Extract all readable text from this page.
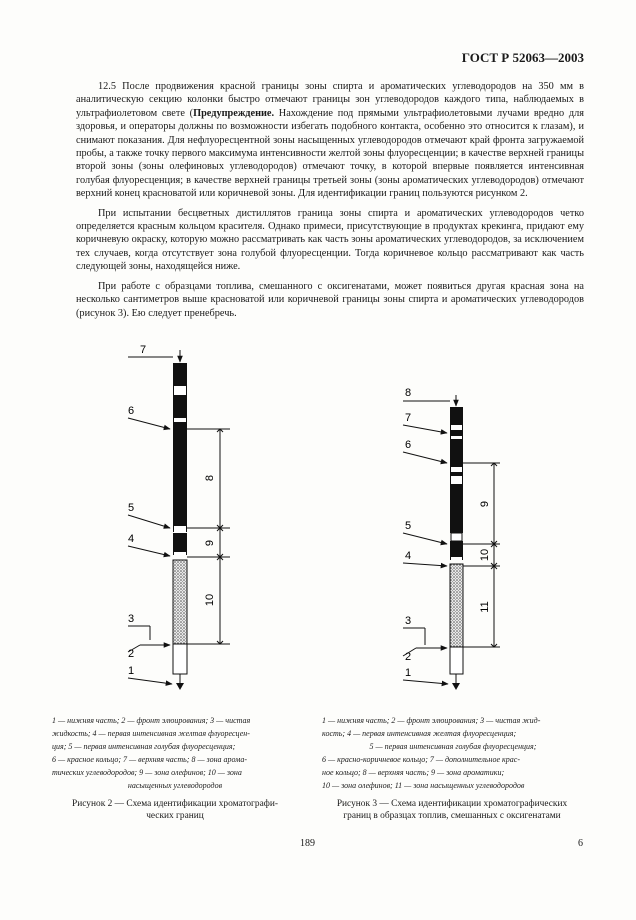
ГОСТ Р 52063—2003

12.5 После продвижения красной границы зоны спирта и ароматических углеводородов на 350 мм в аналитическую секцию колонки быстро отмечают границы зон углеводородов каждого типа, наблюдаемых в ультрафиолетовом свете (Предупреждение. Нахождение под прямыми ультрафиолетовыми лучами вредно для здоровья, и операторы должны по возможности избегать подобного контакта, особенно это относится к глазам), и снимают показания. Для нефлуоресцентной зоны насыщенных углеводородов отмечают край фронта загружаемой пробы, а также точку первого максимума интенсивности желтой зоны флуоресценции; в качестве верхней границы второй зоны (зоны олефиновых углеводородов) отмечают точку, в которой впервые появляется интенсивная голубая флуоресценция; в качестве верхней границы третьей зоны (зоны ароматических углеводородов) отмечают верхний конец красноватой или коричневой зоны. Для идентификации границ пользуются рисунком 2.

При испытании бесцветных дистиллятов граница зоны спирта и ароматических углеводородов четко определяется красным кольцом красителя. Однако примеси, присутствующие в продуктах крекинга, придают ему коричневую окраску, которую можно рассматривать как часть зоны ароматических углеводородов, за исключением тех случаев, когда отсутствует зона голубой флуоресценции. Тогда коричневое кольцо рассматривают как часть следующей зоны, находящейся ниже.

При работе с образцами топлива, смешанного с оксигенатами, может появиться другая красная зона на несколько сантиметров выше красноватой или коричневой границы зоны спирта и ароматических углеводородов (рисунок 3). Ею следует пренебречь.

7
6
5
4
3
2
1
8
9
10
8
7
6
5
4
3
2
1
9
10
11
1 — нижняя часть; 2 — фронт элюирования; 3 — чистая
жидкость; 4 — первая интенсивная желтая флуоресцен-
ция; 5 — первая интенсивная голубая флуоресценция;
6 — красное кольцо; 7 — верхняя часть; 8 — зона арома-
тических углеводородов; 9 — зона олефинов; 10 — зона
насыщенных углеводородов
Рисунок 2 — Схема идентификации хроматографи-
ческих границ
1 — нижняя часть; 2 — фронт элюирования; 3 — чистая жид-
кость; 4 — первая интенсивная желтая флуоресценция;
5 — первая интенсивная голубая флуоресценция;
6 — красно-коричневое кольцо; 7 — дополнительное крас-
ное кольцо; 8 — верхняя часть; 9 — зона ароматики;
10 — зона олефинов; 11 — зона насыщенных углеводородов
Рисунок 3 — Схема идентификации хроматографических
границ в образцах топлив, смешанных с оксигенатами
189	6
